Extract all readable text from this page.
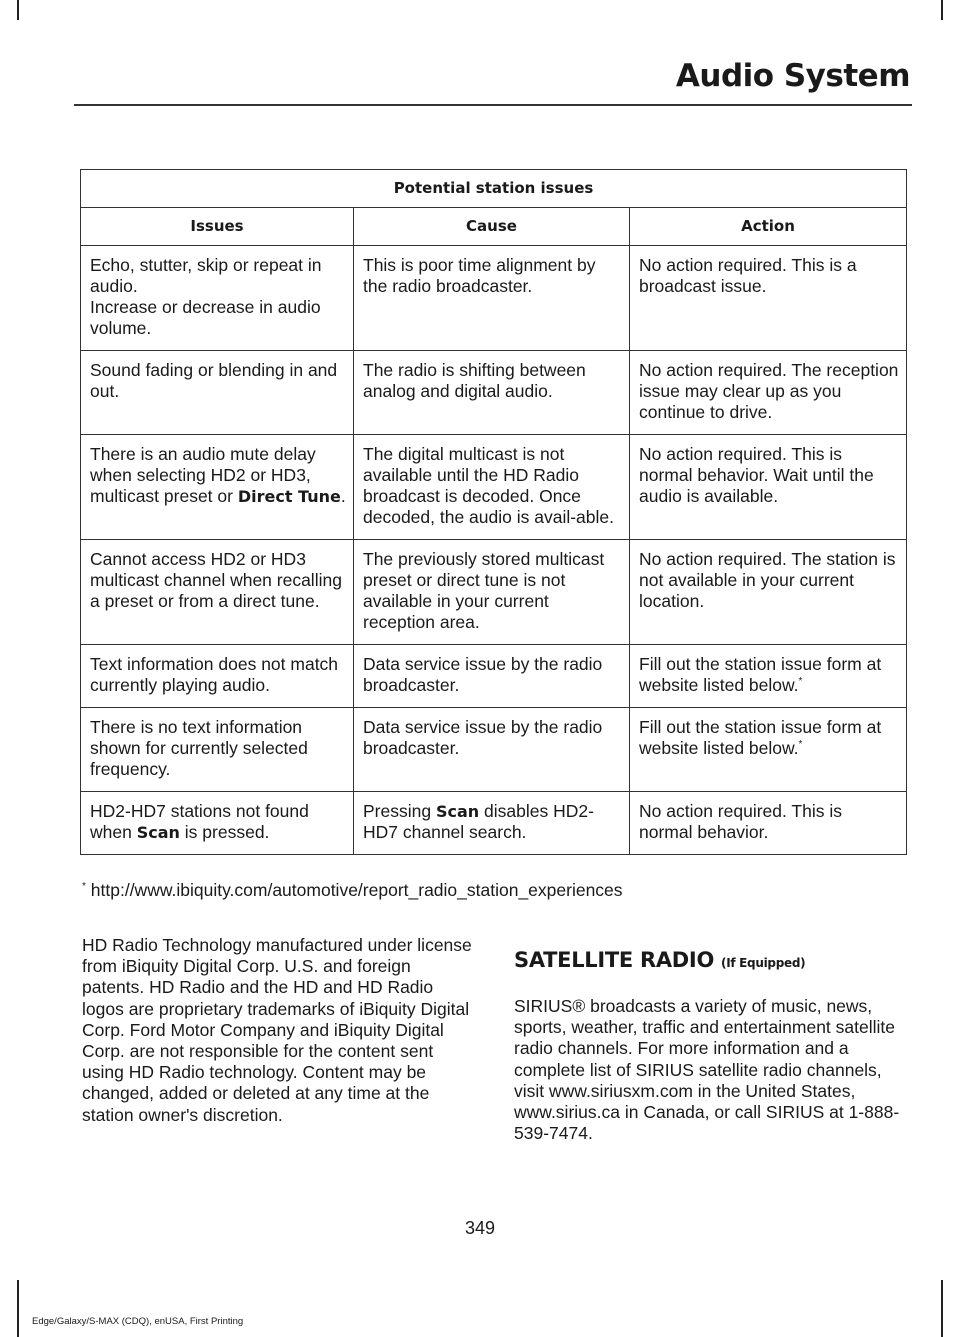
Audio System
Potential station issues		
Issues	Cause	Action

Echo, stutter, skip or repeat in audio.
Increase or decrease in audio volume.	This is poor time alignment by the radio broadcaster.	No action required. This is a broadcast issue.
Sound fading or blending in and out.	The radio is shifting between analog and digital audio.	No action required. The reception issue may clear up as you continue to drive.
There is an audio mute delay when selecting HD2 or HD3, multicast preset or Direct Tune.	The digital multicast is not available until the HD Radio broadcast is decoded. Once decoded, the audio is avail-able.	No action required. This is normal behavior. Wait until the audio is available.
Cannot access HD2 or HD3 multicast channel when recalling a preset or from a direct tune.	The previously stored multicast preset or direct tune is not available in your current reception area.	No action required. The station is not available in your current location.
Text information does not match currently playing audio.	Data service issue by the radio broadcaster.	Fill out the station issue form at website listed below.*
There is no text information shown for currently selected frequency.	Data service issue by the radio broadcaster.	Fill out the station issue form at website listed below.*
HD2-HD7 stations not found when Scan is pressed.	Pressing Scan disables HD2-HD7 channel search.	No action required. This is normal behavior.

* http://www.ibiquity.com/automotive/report_radio_station_experiences

HD Radio Technology manufactured under license from iBiquity Digital Corp. U.S. and foreign patents. HD Radio and the HD and HD Radio logos are proprietary trademarks of iBiquity Digital Corp. Ford Motor Company and iBiquity Digital Corp. are not responsible for the content sent using HD Radio technology. Content may be changed, added or deleted at any time at the station owner's discretion.

SATELLITE RADIO (If Equipped)

SIRIUS® broadcasts a variety of music, news, sports, weather, traffic and entertainment satellite radio channels. For more information and a complete list of SIRIUS satellite radio channels, visit www.siriusxm.com in the United States, www.sirius.ca in Canada, or call SIRIUS at 1-888-539-7474.

349

Edge/Galaxy/S-MAX (CDQ), enUSA, First Printing
